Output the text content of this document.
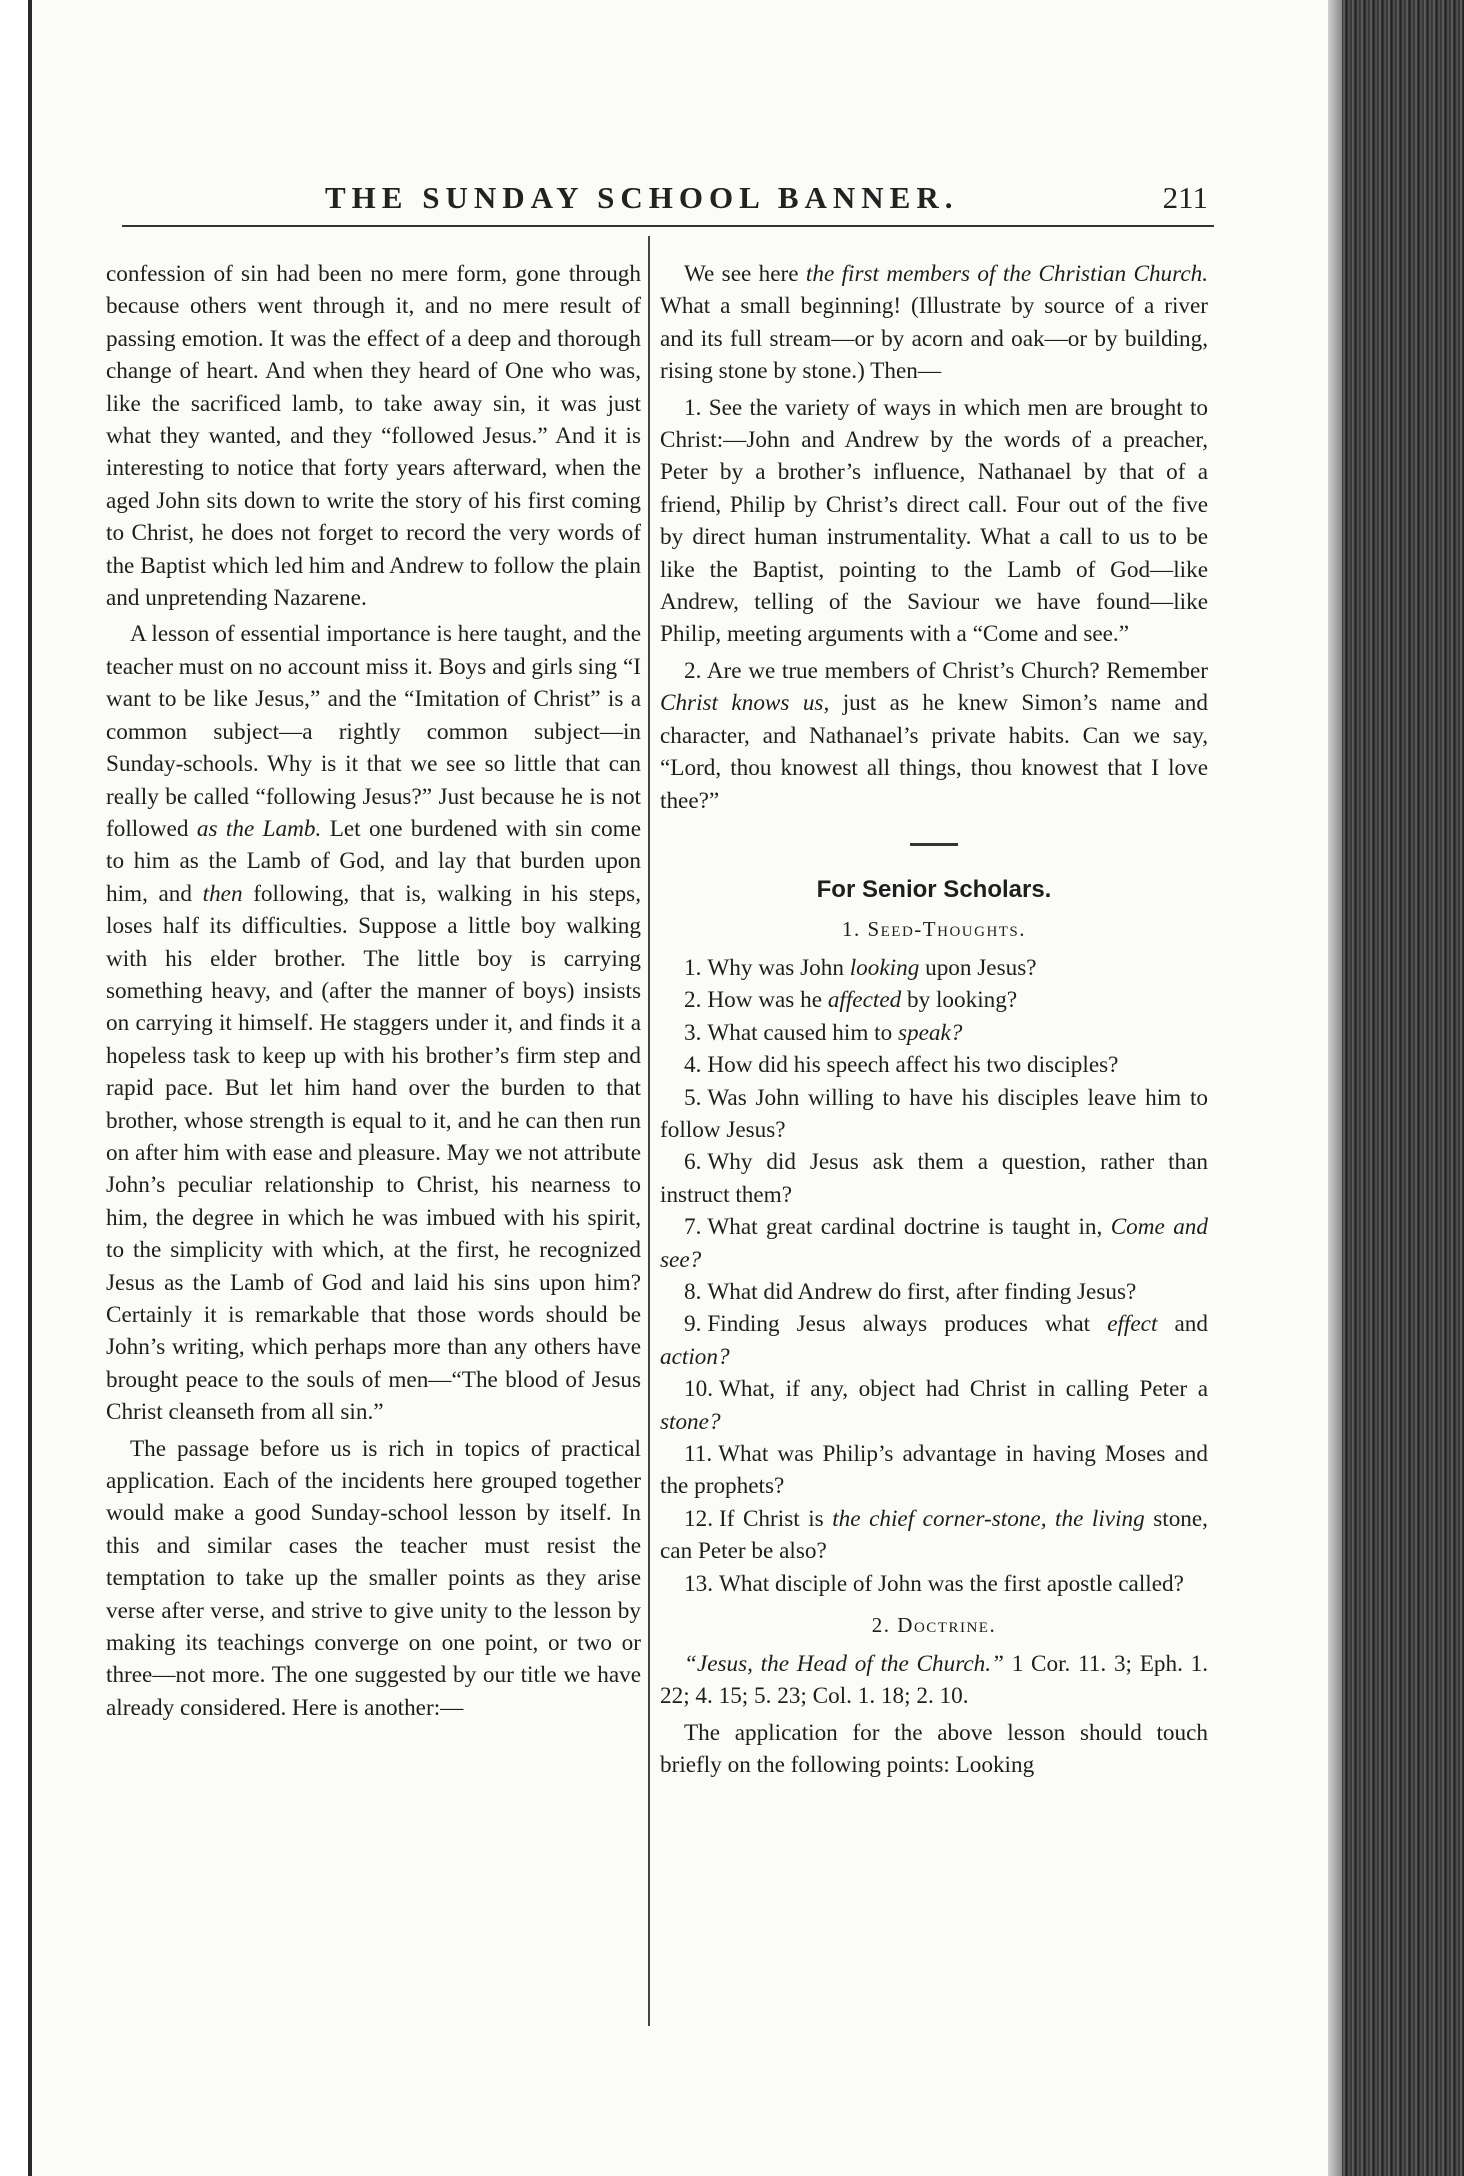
THE SUNDAY SCHOOL BANNER.	211

confession of sin had been no mere form, gone through because others went through it, and no mere result of passing emotion. It was the effect of a deep and thorough change of heart. And when they heard of One who was, like the sacrificed lamb, to take away sin, it was just what they wanted, and they “followed Jesus.” And it is interesting to notice that forty years afterward, when the aged John sits down to write the story of his first coming to Christ, he does not forget to record the very words of the Baptist which led him and Andrew to follow the plain and unpretending Nazarene.

A lesson of essential importance is here taught, and the teacher must on no account miss it. Boys and girls sing “I want to be like Jesus,” and the “Imitation of Christ” is a common subject—a rightly common subject—in Sunday-schools. Why is it that we see so little that can really be called “following Jesus?” Just because he is not followed as the Lamb. Let one burdened with sin come to him as the Lamb of God, and lay that burden upon him, and then following, that is, walking in his steps, loses half its difficulties. Suppose a little boy walking with his elder brother. The little boy is carrying something heavy, and (after the manner of boys) insists on carrying it himself. He staggers under it, and finds it a hopeless task to keep up with his brother’s firm step and rapid pace. But let him hand over the burden to that brother, whose strength is equal to it, and he can then run on after him with ease and pleasure. May we not attribute John’s peculiar relationship to Christ, his nearness to him, the degree in which he was imbued with his spirit, to the simplicity with which, at the first, he recognized Jesus as the Lamb of God and laid his sins upon him? Certainly it is remarkable that those words should be John’s writing, which perhaps more than any others have brought peace to the souls of men—“The blood of Jesus Christ cleanseth from all sin.”

The passage before us is rich in topics of practical application. Each of the incidents here grouped together would make a good Sunday-school lesson by itself. In this and similar cases the teacher must resist the temptation to take up the smaller points as they arise verse after verse, and strive to give unity to the lesson by making its teachings converge on one point, or two or three—not more. The one suggested by our title we have already considered. Here is another:—

We see here the first members of the Christian Church. What a small beginning! (Illustrate by source of a river and its full stream—or by acorn and oak—or by building, rising stone by stone.) Then—

1. See the variety of ways in which men are brought to Christ:—John and Andrew by the words of a preacher, Peter by a brother’s influence, Nathanael by that of a friend, Philip by Christ’s direct call. Four out of the five by direct human instrumentality. What a call to us to be like the Baptist, pointing to the Lamb of God—like Andrew, telling of the Saviour we have found—like Philip, meeting arguments with a “Come and see.”

2. Are we true members of Christ’s Church? Remember Christ knows us, just as he knew Simon’s name and character, and Nathanael’s private habits. Can we say, “Lord, thou knowest all things, thou knowest that I love thee?”

For Senior Scholars.
1. Seed-Thoughts.

1. Why was John looking upon Jesus?

2. How was he affected by looking?

3. What caused him to speak?

4. How did his speech affect his two disciples?

5. Was John willing to have his disciples leave him to follow Jesus?

6. Why did Jesus ask them a question, rather than instruct them?

7. What great cardinal doctrine is taught in, Come and see?

8. What did Andrew do first, after finding Jesus?

9. Finding Jesus always produces what effect and action?

10. What, if any, object had Christ in calling Peter a stone?

11. What was Philip’s advantage in having Moses and the prophets?

12. If Christ is the chief corner-stone, the living stone, can Peter be also?

13. What disciple of John was the first apostle called?

2. Doctrine.

“Jesus, the Head of the Church.” 1 Cor. 11. 3; Eph. 1. 22; 4. 15; 5. 23; Col. 1. 18; 2. 10.

The application for the above lesson should touch briefly on the following points: Looking
